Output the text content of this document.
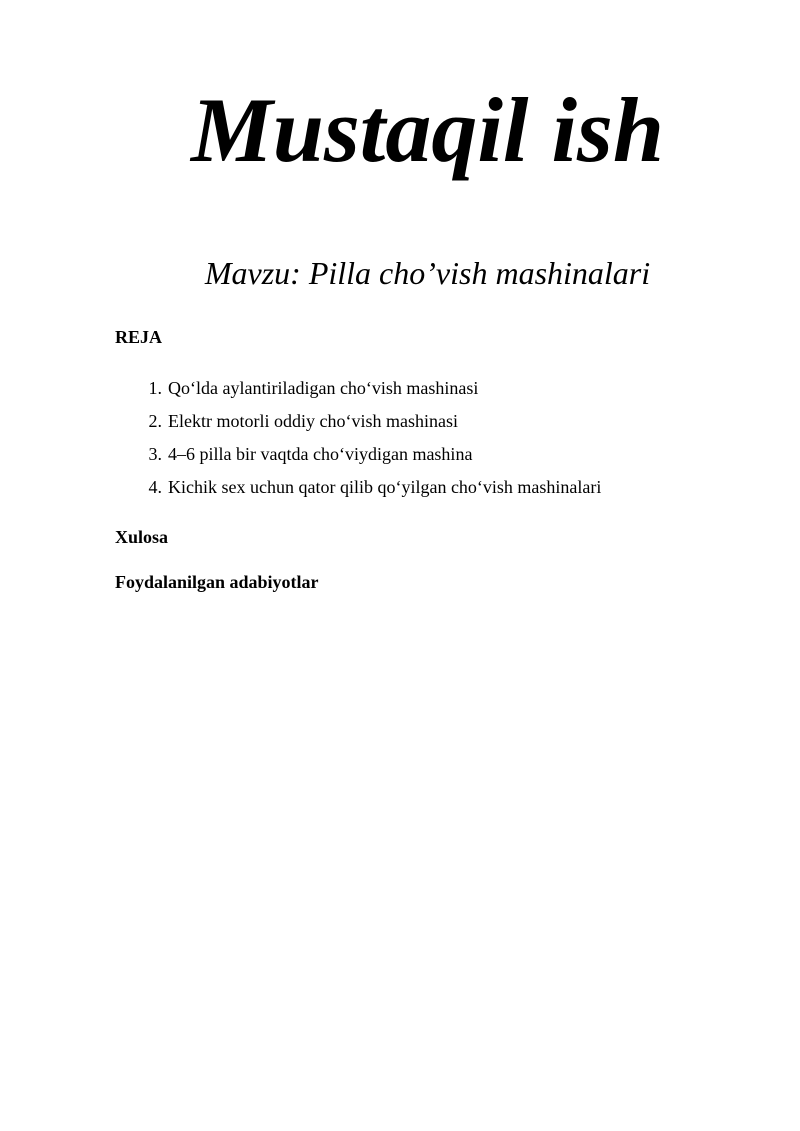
Mustaqil ish
Mavzu: Pilla cho’vish mashinalari
REJA
1. Qo‘lda aylantiriladigan cho‘vish mashinasi
2. Elektr motorli oddiy cho‘vish mashinasi
3. 4–6 pilla bir vaqtda cho‘viydigan mashina
4. Kichik sex uchun qator qilib qo‘yilgan cho‘vish mashinalari
Xulosa
Foydalanilgan adabiyotlar
